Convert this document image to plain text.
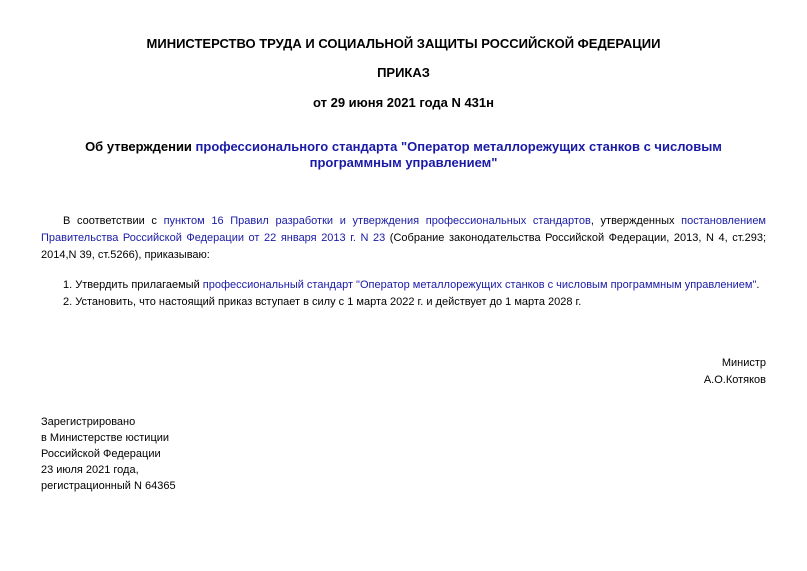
МИНИСТЕРСТВО ТРУДА И СОЦИАЛЬНОЙ ЗАЩИТЫ РОССИЙСКОЙ ФЕДЕРАЦИИ
ПРИКАЗ
от 29 июня 2021 года N 431н
Об утверждении профессионального стандарта "Оператор металлорежущих станков с числовым программным управлением"
В соответствии с пунктом 16 Правил разработки и утверждения профессиональных стандартов, утвержденных постановлением Правительства Российской Федерации от 22 января 2013 г. N 23 (Собрание законодательства Российской Федерации, 2013, N 4, ст.293; 2014,N 39, ст.5266), приказываю:
1. Утвердить прилагаемый профессиональный стандарт "Оператор металлорежущих станков с числовым программным управлением".
2. Установить, что настоящий приказ вступает в силу с 1 марта 2022 г. и действует до 1 марта 2028 г.
Министр
А.О.Котяков
Зарегистрировано
в Министерстве юстиции
Российской Федерации
23 июля 2021 года,
регистрационный N 64365
